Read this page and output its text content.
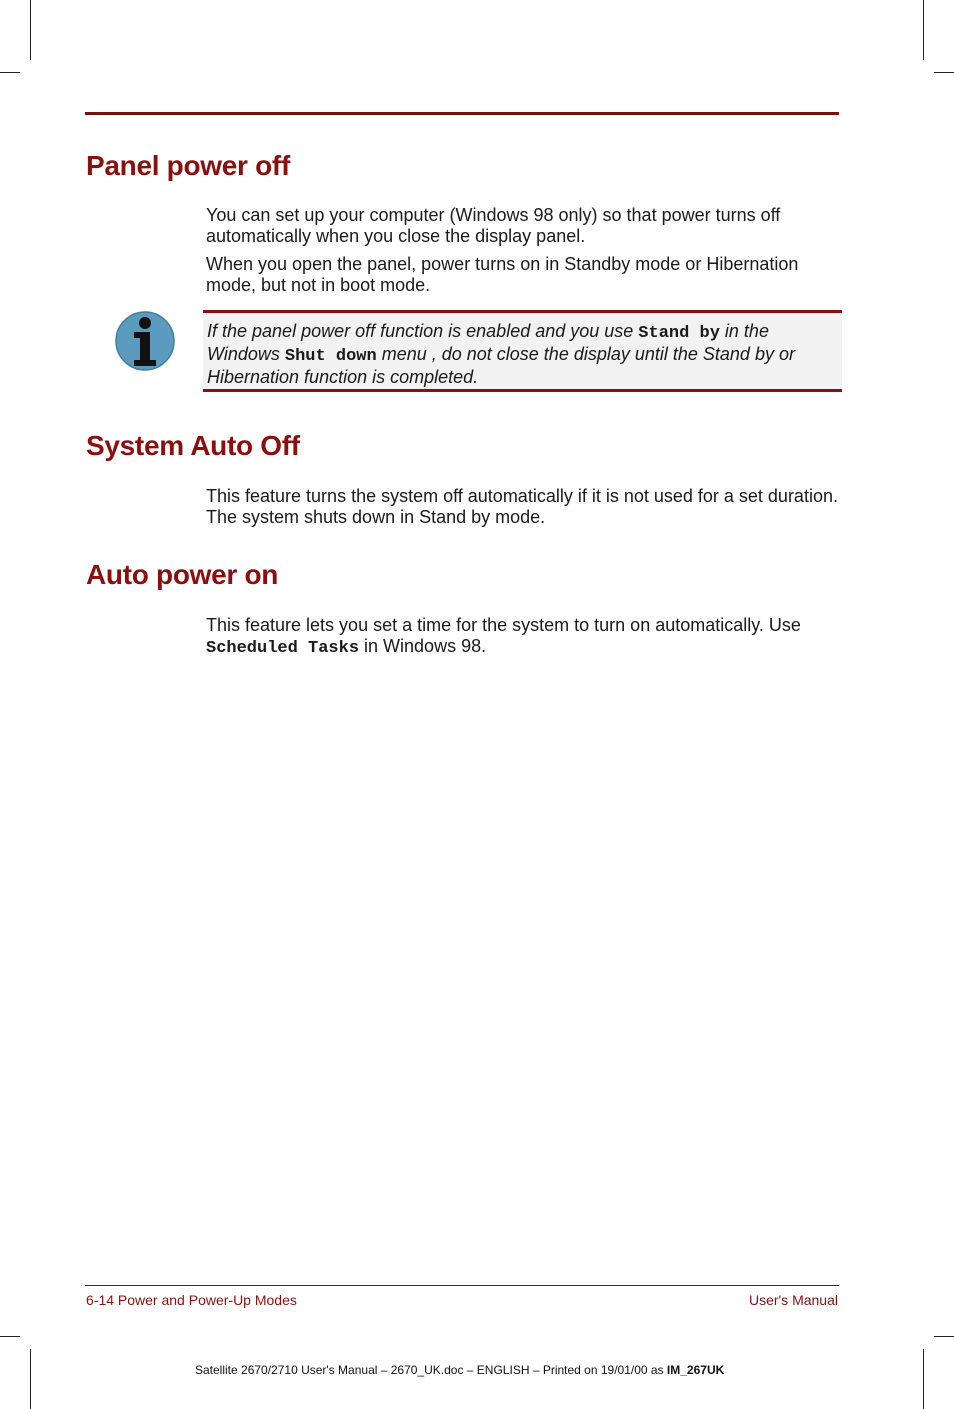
Panel power off

You can set up your computer (Windows 98 only) so that power turns off automatically when you close the display panel.

When you open the panel, power turns on in Standby mode or Hibernation mode, but not in boot mode.

If the panel power off function is enabled and you use Stand by in the Windows Shut down menu , do not close the display until the Stand by or Hibernation function is completed.

System Auto Off

This feature turns the system off automatically if it is not used for a set duration. The system shuts down in Stand by mode.

Auto power on

This feature lets you set a time for the system to turn on automatically. Use Scheduled Tasks in Windows 98.

6-14 Power and Power-Up Modes	User's Manual
Satellite 2670/2710 User's Manual – 2670_UK.doc – ENGLISH – Printed on 19/01/00 as IM_267UK
